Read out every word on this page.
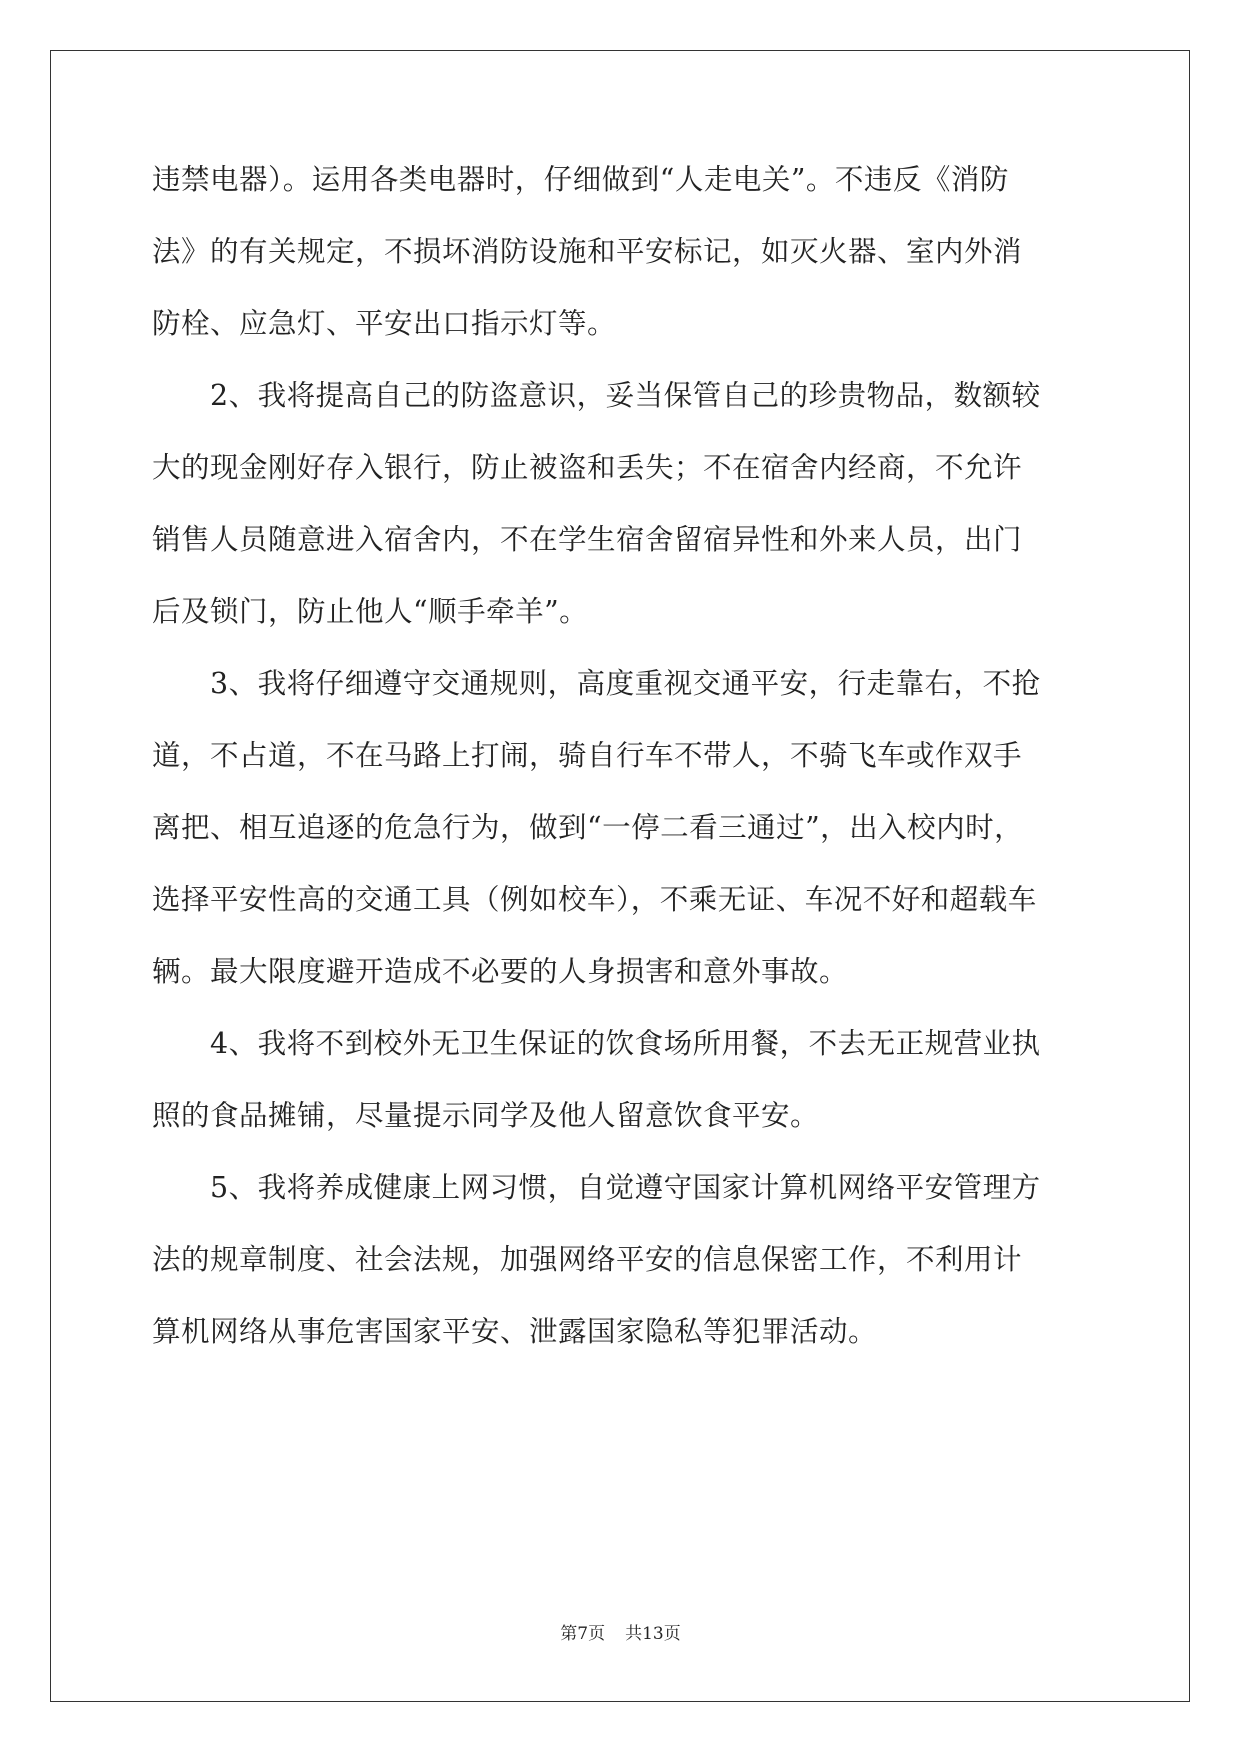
违禁电器）。运用各类电器时，仔细做到“人走电关”。不违反《消防
法》的有关规定，不损坏消防设施和平安标记，如灭火器、室内外消
防栓、应急灯、平安出口指示灯等。
2、我将提高自己的防盗意识，妥当保管自己的珍贵物品，数额较
大的现金刚好存入银行，防止被盗和丢失；不在宿舍内经商，不允许
销售人员随意进入宿舍内，不在学生宿舍留宿异性和外来人员，出门
后及锁门，防止他人“顺手牵羊”。
3、我将仔细遵守交通规则，高度重视交通平安，行走靠右，不抢
道，不占道，不在马路上打闹，骑自行车不带人，不骑飞车或作双手
离把、相互追逐的危急行为，做到“一停二看三通过”，出入校内时，
选择平安性高的交通工具（例如校车），不乘无证、车况不好和超载车
辆。最大限度避开造成不必要的人身损害和意外事故。
4、我将不到校外无卫生保证的饮食场所用餐，不去无正规营业执
照的食品摊铺，尽量提示同学及他人留意饮食平安。
5、我将养成健康上网习惯，自觉遵守国家计算机网络平安管理方
法的规章制度、社会法规，加强网络平安的信息保密工作，不利用计
算机网络从事危害国家平安、泄露国家隐私等犯罪活动。
第7页 共13页
